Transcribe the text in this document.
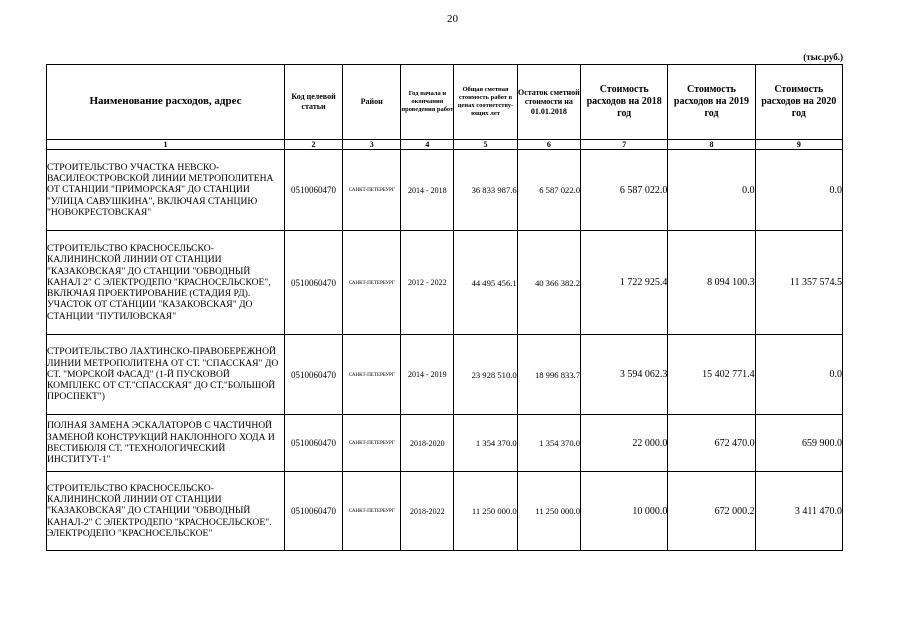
20
(тыс.руб.)
Наименование расходов, адрес	Код целевой статьи	Район	Год начала и окончания проведения работ	Общая сметная стоимость работ в ценах соответству-ющих лет	Остаток сметной стоимости на 01.01.2018	Стоимость расходов на 2018 год	Стоимость расходов на 2019 год	Стоимость расходов на 2020 год
1	2	3	4	5	6	7	8	9
СТРОИТЕЛЬСТВО УЧАСТКА НЕВСКО-ВАСИЛЕОСТРОВСКОЙ ЛИНИИ МЕТРОПОЛИТЕНА ОТ СТАНЦИИ "ПРИМОРСКАЯ" ДО СТАНЦИИ "УЛИЦА САВУШКИНА", ВКЛЮЧАЯ СТАНЦИЮ "НОВОКРЕСТОВСКАЯ"	0510060470	САНКТ-ПЕТЕРБУРГ	2014 - 2018	36 833 987.6	6 587 022.0	6 587 022.0	0.0	0.0
СТРОИТЕЛЬСТВО КРАСНОСЕЛЬСКО-КАЛИНИНСКОЙ ЛИНИИ ОТ СТАНЦИИ "КАЗАКОВСКАЯ" ДО СТАНЦИИ "ОБВОДНЫЙ КАНАЛ 2" С ЭЛЕКТРОДЕПО "КРАСНОСЕЛЬСКОЕ", ВКЛЮЧАЯ ПРОЕКТИРОВАНИЕ (СТАДИЯ РД). УЧАСТОК ОТ СТАНЦИИ "КАЗАКОВСКАЯ" ДО СТАНЦИИ "ПУТИЛОВСКАЯ"	0510060470	САНКТ-ПЕТЕРБУРГ	2012 - 2022	44 495 456.1	40 366 382.2	1 722 925.4	8 094 100.3	11 357 574.5
СТРОИТЕЛЬСТВО ЛАХТИНСКО-ПРАВОБЕРЕЖНОЙ ЛИНИИ МЕТРОПОЛИТЕНА ОТ СТ. "СПАССКАЯ" ДО СТ. "МОРСКОЙ ФАСАД" (1-Й ПУСКОВОЙ КОМПЛЕКС ОТ СТ."СПАССКАЯ" ДО СТ."БОЛЬШОЙ ПРОСПЕКТ")	0510060470	САНКТ-ПЕТЕРБУРГ	2014 - 2019	23 928 510.0	18 996 833.7	3 594 062.3	15 402 771.4	0.0
ПОЛНАЯ ЗАМЕНА ЭСКАЛАТОРОВ С ЧАСТИЧНОЙ ЗАМЕНОЙ КОНСТРУКЦИЙ НАКЛОННОГО ХОДА И ВЕСТИБЮЛЯ СТ. "ТЕХНОЛОГИЧЕСКИЙ ИНСТИТУТ-1"	0510060470	САНКТ-ПЕТЕРБУРГ	2018-2020	1 354 370.0	1 354 370.0	22 000.0	672 470.0	659 900.0
СТРОИТЕЛЬСТВО КРАСНОСЕЛЬСКО-КАЛИНИНСКОЙ ЛИНИИ ОТ СТАНЦИИ "КАЗАКОВСКАЯ" ДО СТАНЦИИ "ОБВОДНЫЙ КАНАЛ-2" С ЭЛЕКТРОДЕПО "КРАСНОСЕЛЬСКОЕ". ЭЛЕКТРОДЕПО "КРАСНОСЕЛЬСКОЕ"	0510060470	САНКТ-ПЕТЕРБУРГ	2018-2022	11 250 000.0	11 250 000.0	10 000.0	672 000.2	3 411 470.0
